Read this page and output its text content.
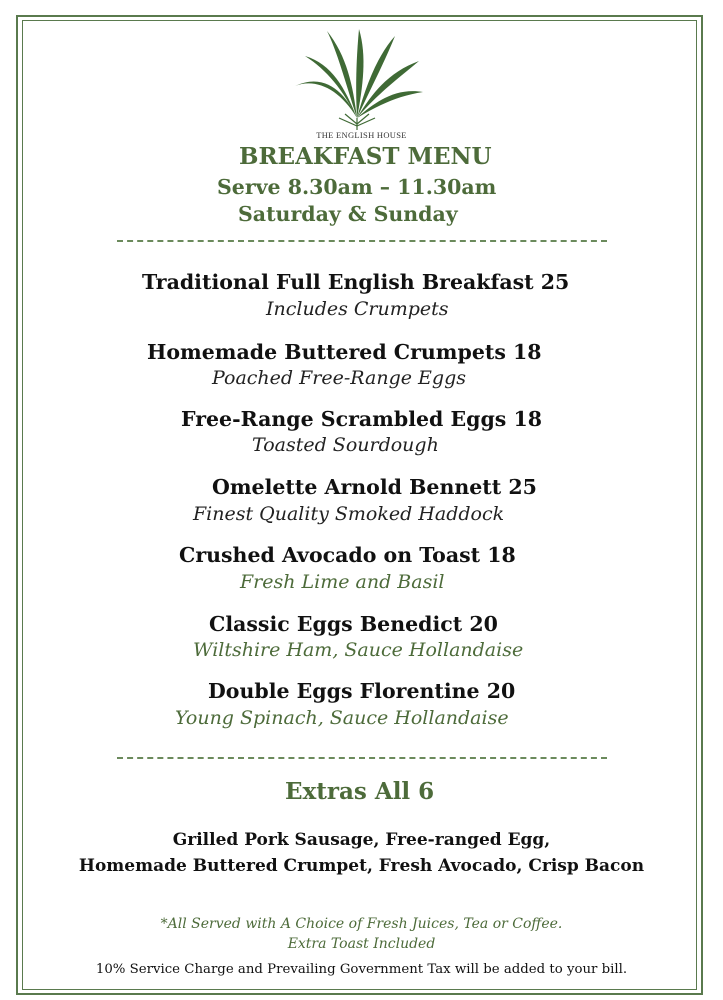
THE ENGLISH HOUSE
BREAKFAST MENU
Serve 8.30am – 11.30am
Saturday & Sunday
Traditional Full English Breakfast 25
Includes Crumpets
Homemade Buttered Crumpets 18
Poached Free-Range Eggs
Free-Range Scrambled Eggs 18
Toasted Sourdough
Omelette Arnold Bennett 25
Finest Quality Smoked Haddock
Crushed Avocado on Toast 18
Fresh Lime and Basil
Classic Eggs Benedict 20
Wiltshire Ham, Sauce Hollandaise
Double Eggs Florentine 20
Young Spinach, Sauce Hollandaise
Extras All 6
Grilled Pork Sausage, Free-ranged Egg,
Homemade Buttered Crumpet, Fresh Avocado, Crisp Bacon
*All Served with A Choice of Fresh Juices, Tea or Coffee.
Extra Toast Included
10% Service Charge and Prevailing Government Tax will be added to your bill.
